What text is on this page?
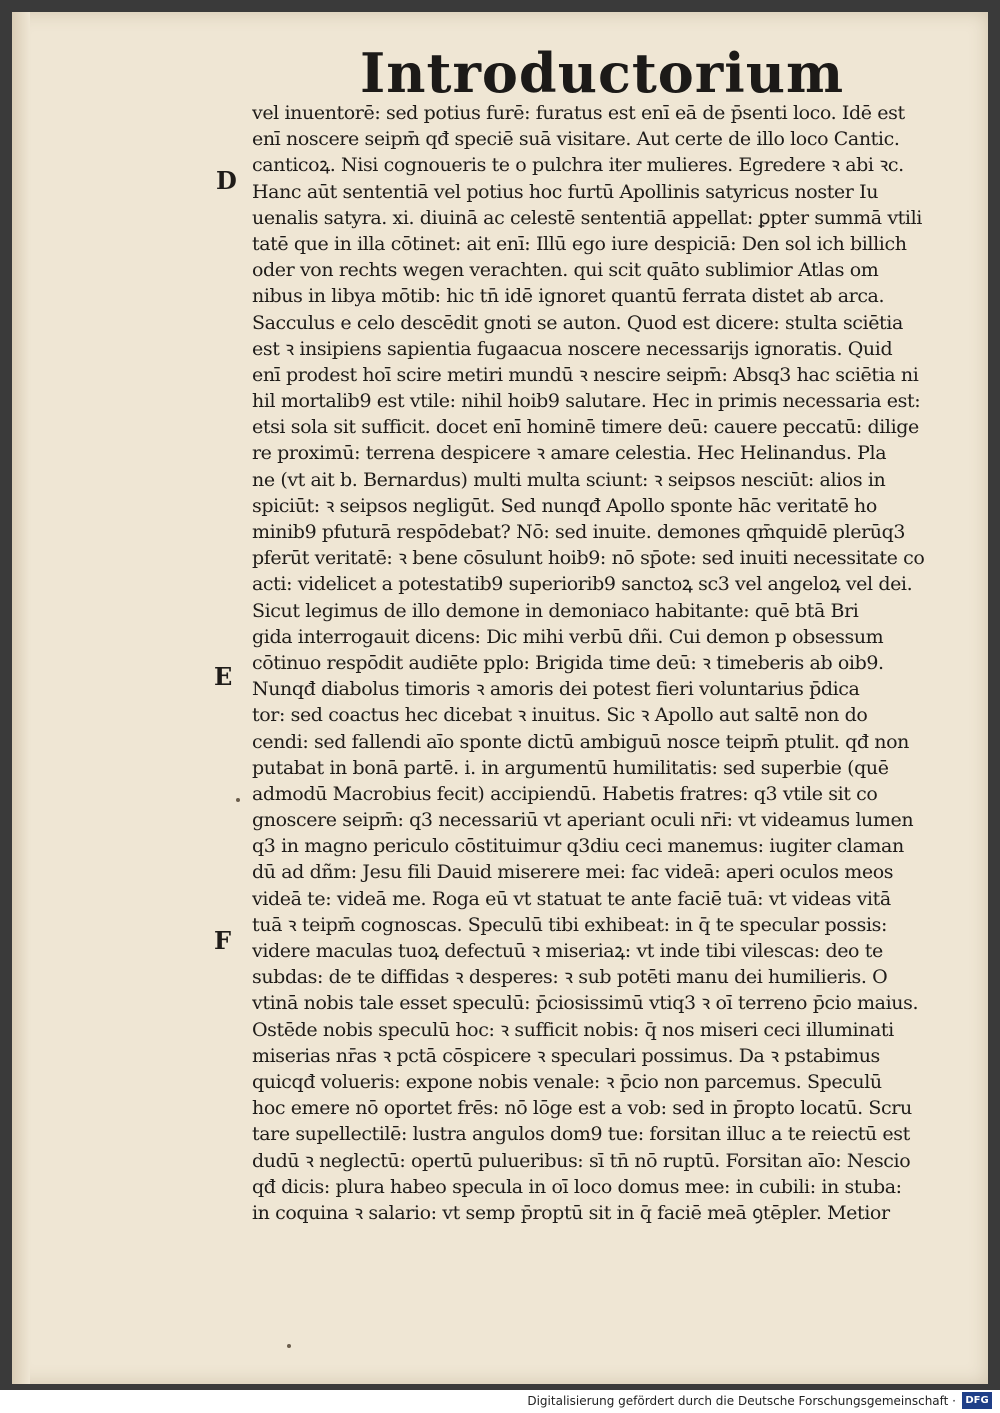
Introductorium
D
E
F
vel inuentorē: sed potius furē: furatus est enī eā de p̄senti loco. Idē est
enī noscere seipm̄ qđ speciē suā visitare. Aut certe de illo loco Cantic.
canticoꝝ. Nisi cognoueris te o pulchra iter mulieres. Egredere ꝛ abi ꝛc.
Hanc aūt sententiā vel potius hoc furtū Apollinis satyricus noster Iu
uenalis satyra. xi. diuinā ac celestē sententiā appellat: ꝑpter summā vtili
tatē que in illa cōtinet: ait enī: Illū ego iure despiciā: Den sol ich billich
oder von rechts wegen verachten. qui scit quāto sublimior Atlas om
nibus in libya mōtib: hic tn̄ idē ignoret quantū ferrata distet ab arca.
Sacculus e celo descēdit gnoti se auton. Quod est dicere: stulta sciētia
est ꝛ insipiens sapientia fugaacua noscere necessarijs ignoratis. Quid
enī prodest hoī scire metiri mundū ꝛ nescire seipm̄: Absq3 hac sciētia ni
hil mortalib9 est vtile: nihil hoib9 salutare. Hec in primis necessaria est:
etsi sola sit sufficit. docet enī hominē timere deū: cauere peccatū: dilige
re proximū: terrena despicere ꝛ amare celestia. Hec Helinandus. Pla
ne (vt ait b. Bernardus) multi multa sciunt: ꝛ seipsos nesciūt: alios in
spiciūt: ꝛ seipsos negligūt. Sed nunqđ Apollo sponte hāc veritatē ho
minib9 pfuturā respōdebat? Nō: sed inuite. demones qm̄quidē plerūq3
pferūt veritatē: ꝛ bene cōsulunt hoib9: nō sp̄ote: sed inuiti necessitate co
acti: videlicet a potestatib9 superiorib9 sanctoꝝ sc3 vel angeloꝝ vel dei.
Sicut legimus de illo demone in demoniaco habitante: quē btā Bri
gida interrogauit dicens: Dic mihi verbū dñi. Cui demon p obsessum
cōtinuo respōdit audiēte pplo: Brigida time deū: ꝛ timeberis ab oib9.
Nunqđ diabolus timoris ꝛ amoris dei potest fieri voluntarius p̄dica
tor: sed coactus hec dicebat ꝛ inuitus. Sic ꝛ Apollo aut saltē non do
cendi: sed fallendi aīo sponte dictū ambiguū nosce teipm̄ ptulit. qđ non
putabat in bonā partē. i. in argumentū humilitatis: sed superbie (quē
admodū Macrobius fecit) accipiendū. Habetis fratres: q3 vtile sit co
gnoscere seipm̄: q3 necessariū vt aperiant oculi nr̄i: vt videamus lumen
q3 in magno periculo cōstituimur q3diu ceci manemus: iugiter claman
dū ad dñm: Jesu fili Dauid miserere mei: fac videā: aperi oculos meos
videā te: videā me. Roga eū vt statuat te ante faciē tuā: vt videas vitā
tuā ꝛ teipm̄ cognoscas. Speculū tibi exhibeat: in q̄ te specular possis:
videre maculas tuoꝝ defectuū ꝛ miseriaꝝ: vt inde tibi vilescas: deo te
subdas: de te diffidas ꝛ desperes: ꝛ sub potēti manu dei humilieris. O
vtinā nobis tale esset speculū: p̄ciosissimū vtiq3 ꝛ oī terreno p̄cio maius.
Ostēde nobis speculū hoc: ꝛ sufficit nobis: q̄ nos miseri ceci illuminati
miserias nr̄as ꝛ pctā cōspicere ꝛ speculari possimus. Da ꝛ pstabimus
quicqđ volueris: expone nobis venale: ꝛ p̄cio non parcemus. Speculū
hoc emere nō oportet frēs: nō lōge est a vob: sed in p̄ropto locatū. Scru
tare supellectilē: lustra angulos dom9 tue: forsitan illuc a te reiectū est
dudū ꝛ neglectū: opertū pulueribus: sī tn̄ nō ruptū. Forsitan aīo: Nescio
qđ dicis: plura habeo specula in oī loco domus mee: in cubili: in stuba:
in coquina ꝛ salario: vt semp p̄roptū sit in q̄ faciē meā ꝯtēpler. Metior
Digitalisierung gefördert durch die Deutsche Forschungsgemeinschaft · DFG
